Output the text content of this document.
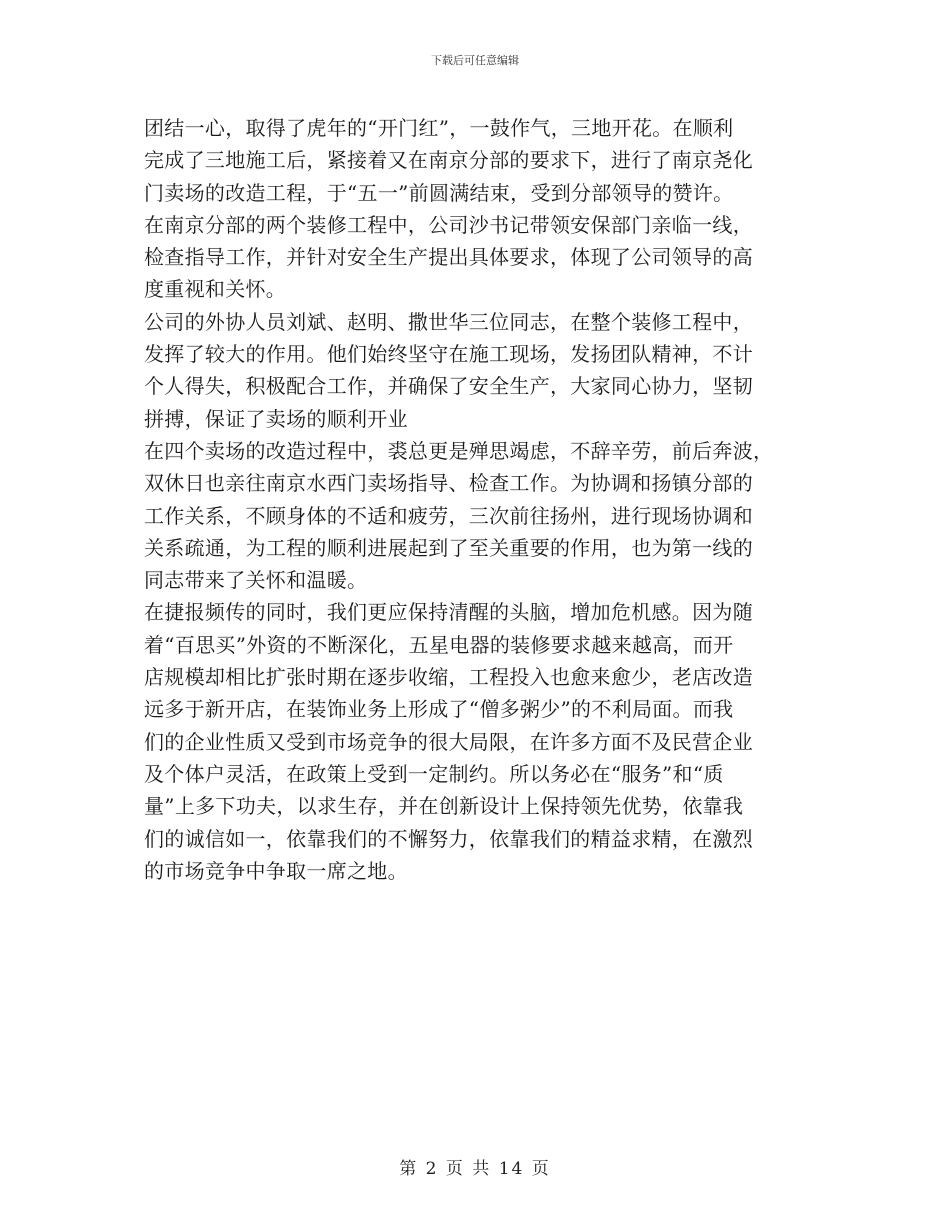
下载后可任意编辑
团结一心，取得了虎年的“开门红”，一鼓作气，三地开花。在顺利
完成了三地施工后，紧接着又在南京分部的要求下，进行了南京尧化
门卖场的改造工程，于“五一”前圆满结束，受到分部领导的赞许。
在南京分部的两个装修工程中，公司沙书记带领安保部门亲临一线，
检查指导工作，并针对安全生产提出具体要求，体现了公司领导的高
度重视和关怀。
公司的外协人员刘斌、赵明、撒世华三位同志，在整个装修工程中，
发挥了较大的作用。他们始终坚守在施工现场，发扬团队精神，不计
个人得失，积极配合工作，并确保了安全生产，大家同心协力，坚韧
拼搏，保证了卖场的顺利开业
在四个卖场的改造过程中，裘总更是殚思竭虑，不辞辛劳，前后奔波，
双休日也亲往南京水西门卖场指导、检查工作。为协调和扬镇分部的
工作关系，不顾身体的不适和疲劳，三次前往扬州，进行现场协调和
关系疏通，为工程的顺利进展起到了至关重要的作用，也为第一线的
同志带来了关怀和温暖。
在捷报频传的同时，我们更应保持清醒的头脑，增加危机感。因为随
着“百思买”外资的不断深化，五星电器的装修要求越来越高，而开
店规模却相比扩张时期在逐步收缩，工程投入也愈来愈少，老店改造
远多于新开店，在装饰业务上形成了“僧多粥少”的不利局面。而我
们的企业性质又受到市场竞争的很大局限，在许多方面不及民营企业
及个体户灵活，在政策上受到一定制约。所以务必在“服务”和“质
量”上多下功夫，以求生存，并在创新设计上保持领先优势，依靠我
们的诚信如一，依靠我们的不懈努力，依靠我们的精益求精，在激烈
的市场竞争中争取一席之地。
第 2 页 共 14 页
